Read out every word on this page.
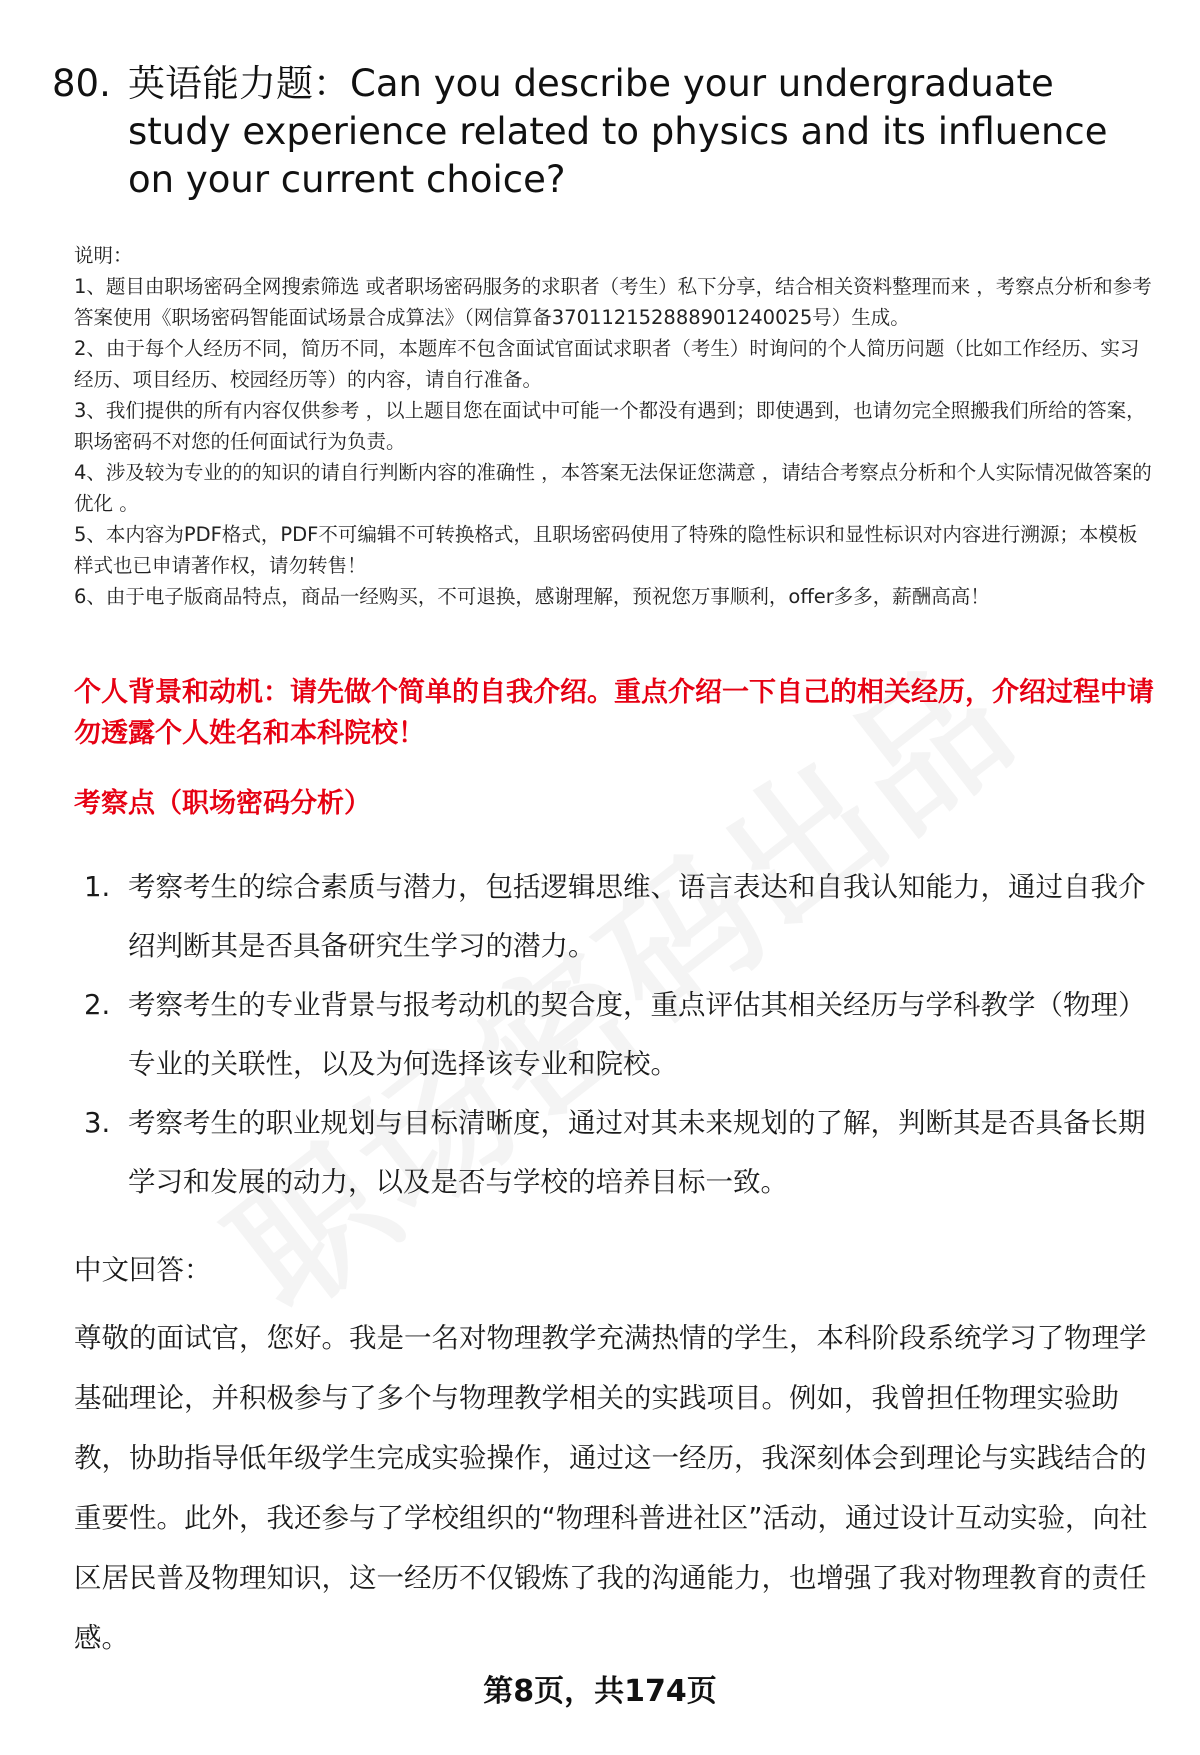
80. 英语能力题：Can you describe your undergraduate study experience related to physics and its influence on your current choice?

说明：

1、题目由职场密码全网搜索筛选 或者职场密码服务的求职者（考生）私下分享，结合相关资料整理而来 ，考察点分析和参考答案使用《职场密码智能面试场景合成算法》（网信算备370112152888901240025号）生成。

2、由于每个人经历不同，简历不同，本题库不包含面试官面试求职者（考生）时询问的个人简历问题（比如工作经历、实习经历、项目经历、校园经历等）的内容，请自行准备。

3、我们提供的所有内容仅供参考 ，以上题目您在面试中可能一个都没有遇到；即使遇到，也请勿完全照搬我们所给的答案，职场密码不对您的任何面试行为负责。

4、涉及较为专业的的知识的请自行判断内容的准确性 ，本答案无法保证您满意 ，请结合考察点分析和个人实际情况做答案的优化 。

5、本内容为PDF格式，PDF不可编辑不可转换格式，且职场密码使用了特殊的隐性标识和显性标识对内容进行溯源；本模板样式也已申请著作权，请勿转售！

6、由于电子版商品特点，商品一经购买，不可退换，感谢理解，预祝您万事顺利，offer多多，薪酬高高！

个人背景和动机：请先做个简单的自我介绍。重点介绍一下自己的相关经历，介绍过程中请勿透露个人姓名和本科院校！
考察点（职场密码分析）
1. 考察考生的综合素质与潜力，包括逻辑思维、语言表达和自我认知能力，通过自我介绍判断其是否具备研究生学习的潜力。
2. 考察考生的专业背景与报考动机的契合度，重点评估其相关经历与学科教学（物理）专业的关联性，以及为何选择该专业和院校。
3. 考察考生的职业规划与目标清晰度，通过对其未来规划的了解，判断其是否具备长期学习和发展的动力，以及是否与学校的培养目标一致。
中文回答：
尊敬的面试官，您好。我是一名对物理教学充满热情的学生，本科阶段系统学习了物理学基础理论，并积极参与了多个与物理教学相关的实践项目。例如，我曾担任物理实验助教，协助指导低年级学生完成实验操作，通过这一经历，我深刻体会到理论与实践结合的重要性。此外，我还参与了学校组织的“物理科普进社区”活动，通过设计互动实验，向社区居民普及物理知识，这一经历不仅锻炼了我的沟通能力，也增强了我对物理教育的责任感。
第8页，共174页
